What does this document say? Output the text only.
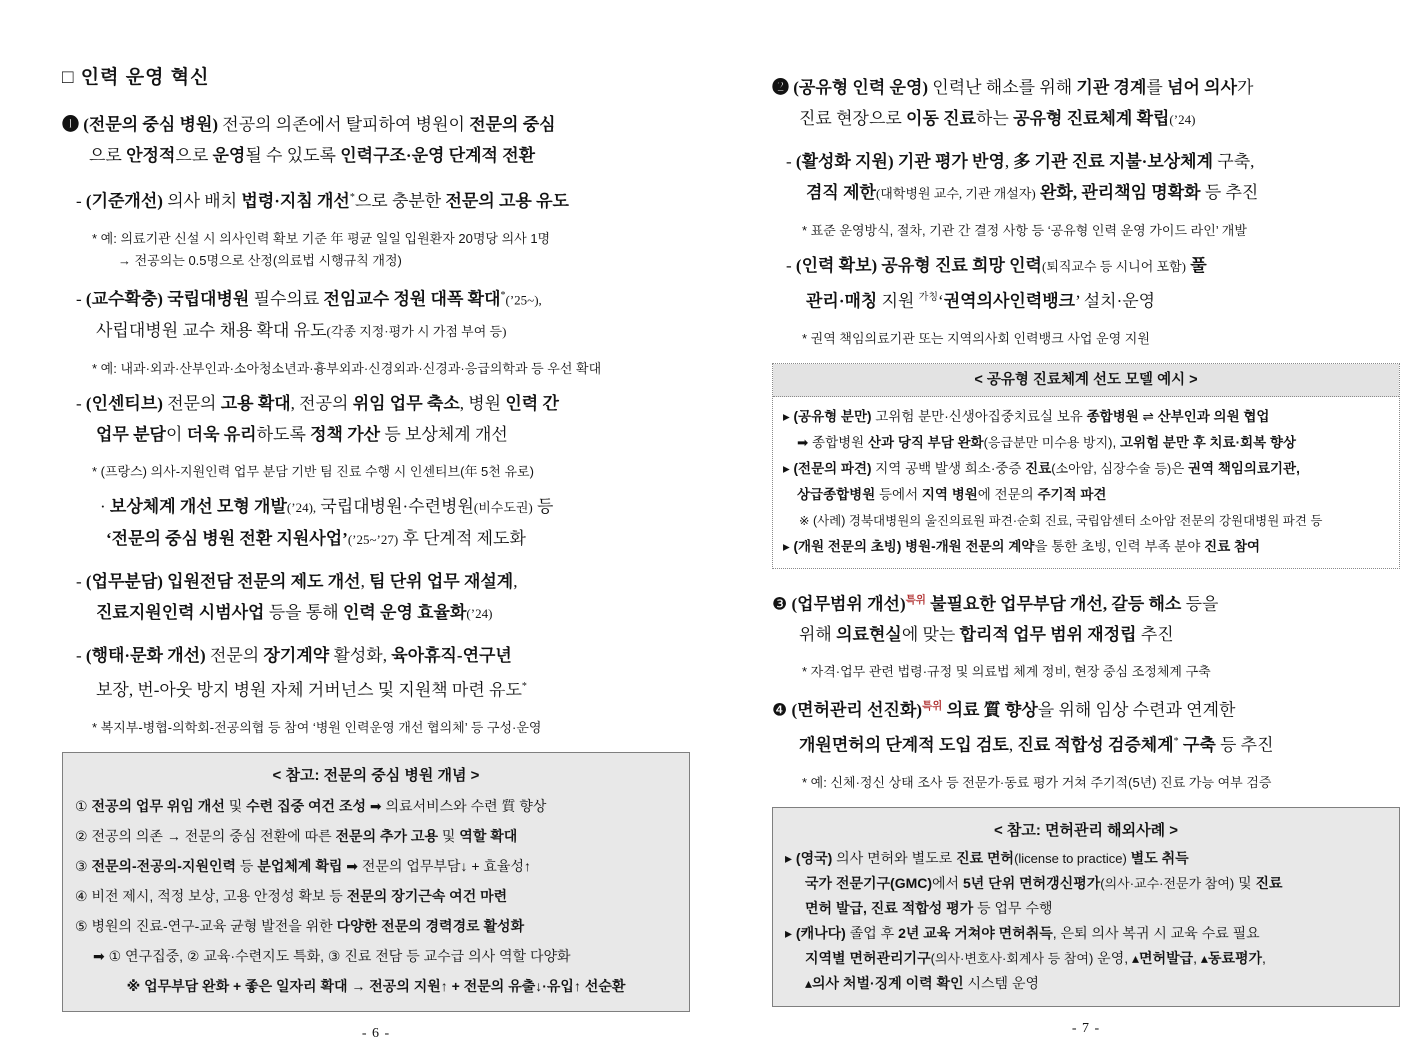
□ 인력 운영 혁신
❶ (전문의 중심 병원) 전공의 의존에서 탈피하여 병원이 전문의 중심
으로 안정적으로 운영될 수 있도록 인력구조·운영 단계적 전환
- (기준개선) 의사 배치 법령·지침 개선*으로 충분한 전문의 고용 유도
* 예: 의료기관 신설 시 의사인력 확보 기준 年 평균 일일 입원환자 20명당 의사 1명
→ 전공의는 0.5명으로 산정(의료법 시행규칙 개정)
- (교수확충) 국립대병원 필수의료 전임교수 정원 대폭 확대*(’25~),
사립대병원 교수 채용 확대 유도(각종 지정·평가 시 가점 부여 등)
* 예: 내과·외과·산부인과·소아청소년과·흉부외과·신경외과·신경과·응급의학과 등 우선 확대
- (인센티브) 전문의 고용 확대, 전공의 위임 업무 축소, 병원 인력 간
업무 분담이 더욱 유리하도록 정책 가산 등 보상체계 개선
* (프랑스) 의사-지원인력 업무 분담 기반 팀 진료 수행 시 인센티브(年 5천 유로)
· 보상체계 개선 모형 개발(’24), 국립대병원·수련병원(비수도권) 등
‘전문의 중심 병원 전환 지원사업’(’25~’27) 후 단계적 제도화
- (업무분담) 입원전담 전문의 제도 개선, 팀 단위 업무 재설계,
진료지원인력 시범사업 등을 통해 인력 운영 효율화(’24)
- (행태·문화 개선) 전문의 장기계약 활성화, 육아휴직-연구년
보장, 번-아웃 방지 병원 자체 거버넌스 및 지원책 마련 유도*
* 복지부-병협-의학회-전공의협 등 참여 ‘병원 인력운영 개선 협의체’ 등 구성·운영
< 참고: 전문의 중심 병원 개념 >
① 전공의 업무 위임 개선 및 수련 집중 여건 조성 ➡ 의료서비스와 수련 質 향상
② 전공의 의존 → 전문의 중심 전환에 따른 전문의 추가 고용 및 역할 확대
③ 전문의-전공의-지원인력 등 분업체계 확립 ➡ 전문의 업무부담↓ + 효율성↑
④ 비전 제시, 적정 보상, 고용 안정성 확보 등 전문의 장기근속 여건 마련
⑤ 병원의 진료-연구-교육 균형 발전을 위한 다양한 전문의 경력경로 활성화
➡ ① 연구집중, ② 교육·수련지도 특화, ③ 진료 전담 등 교수급 의사 역할 다양화
※ 업무부담 완화 + 좋은 일자리 확대 → 전공의 지원↑ + 전문의 유출↓·유입↑ 선순환
- 6 -
❷ (공유형 인력 운영) 인력난 해소를 위해 기관 경계를 넘어 의사가
진료 현장으로 이동 진료하는 공유형 진료체계 확립(’24)
- (활성화 지원) 기관 평가 반영, 多 기관 진료 지불·보상체계 구축,
겸직 제한(대학병원 교수, 기관 개설자) 완화, 관리책임 명확화 등 추진
* 표준 운영방식, 절차, 기관 간 결정 사항 등 ‘공유형 인력 운영 가이드 라인’ 개발
- (인력 확보) 공유형 진료 희망 인력(퇴직교수 등 시니어 포함) 풀
관리·매칭 지원 $^{가칭}$‘권역의사인력뱅크’ 설치·운영
* 권역 책임의료기관 또는 지역의사회 인력뱅크 사업 운영 지원
< 공유형 진료체계 선도 모델 예시 >
▸ (공유형 분만) 고위험 분만·신생아집중치료실 보유 종합병원 ⇌ 산부인과 의원 협업
➡ 종합병원 산과 당직 부담 완화(응급분만 미수용 방지), 고위험 분만 후 치료·회복 향상
▸ (전문의 파견) 지역 공백 발생 희소·중증 진료(소아암, 심장수술 등)은 권역 책임의료기관,
상급종합병원 등에서 지역 병원에 전문의 주기적 파견
※ (사례) 경북대병원의 울진의료원 파견·순회 진료, 국립암센터 소아암 전문의 강원대병원 파견 등
▸ (개원 전문의 초빙) 병원-개원 전문의 계약을 통한 초빙, 인력 부족 분야 진료 참여
❸ (업무범위 개선)$^{특위}$ 불필요한 업무부담 개선, 갈등 해소 등을
위해 의료현실에 맞는 합리적 업무 범위 재정립 추진
* 자격·업무 관련 법령·규정 및 의료법 체계 정비, 현장 중심 조정체계 구축
❹ (면허관리 선진화)$^{특위}$ 의료 質 향상을 위해 임상 수련과 연계한
개원면허의 단계적 도입 검토, 진료 적합성 검증체계* 구축 등 추진
* 예: 신체·정신 상태 조사 등 전문가·동료 평가 거쳐 주기적(5년) 진료 가능 여부 검증
< 참고: 면허관리 해외사례 >
▸ (영국) 의사 면허와 별도로 진료 면허(license to practice) 별도 취득
국가 전문기구(GMC)에서 5년 단위 면허갱신평가(의사·교수·전문가 참여) 및 진료
면허 발급, 진료 적합성 평가 등 업무 수행
▸ (캐나다) 졸업 후 2년 교육 거쳐야 면허취득, 은퇴 의사 복귀 시 교육 수료 필요
지역별 면허관리기구(의사·변호사·회계사 등 참여) 운영, ▴면허발급, ▴동료평가,
▴의사 처벌·징계 이력 확인 시스템 운영
- 7 -
